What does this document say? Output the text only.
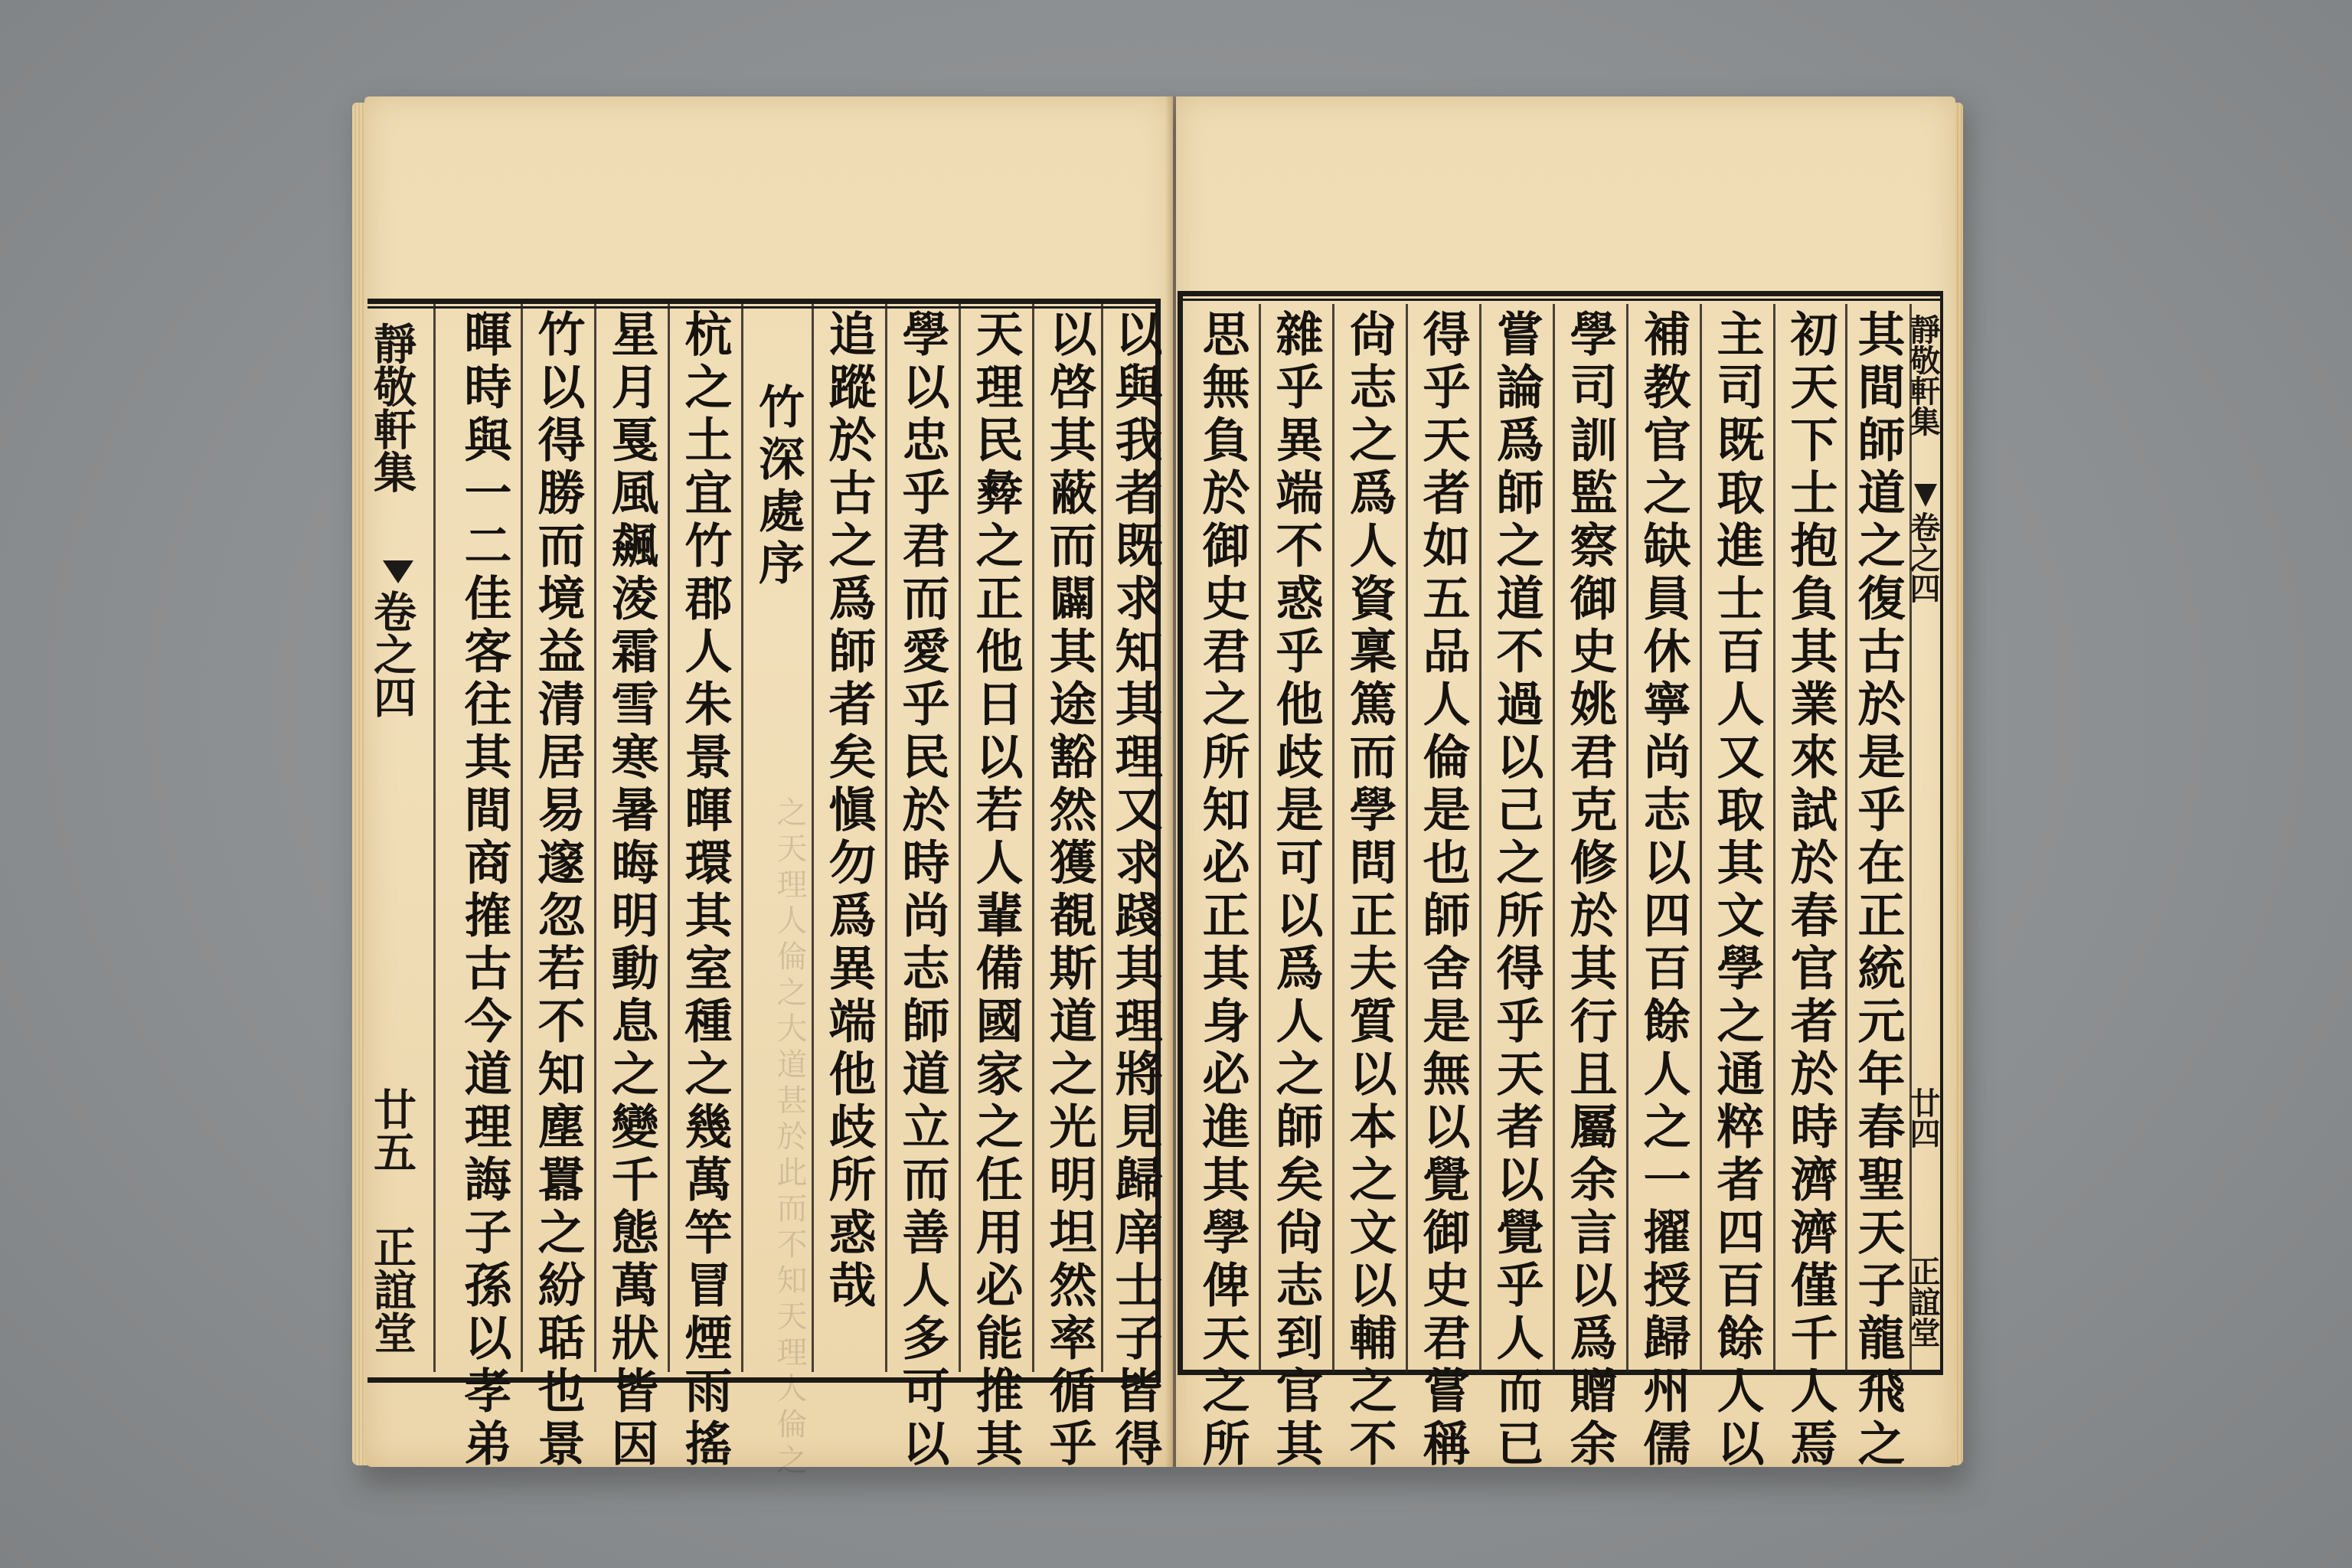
靜敬軒集
卷之四
廿五
正誼堂 暉時與一二佳客往其間商搉古今道理誨子孫以孝弟 竹以得勝而境益清居易邃忽若不知塵囂之紛聒也景 星月戛風飆淩霜雪寒暑晦明動息之變千態萬狀皆因 杭之土宜竹郡人朱景暉環其室種之幾萬竿冒煙雨搖 竹深處序 追蹤於古之爲師者矣愼勿爲異端他歧所惑哉 學以忠乎君而愛乎民於時尚志師道立而善人多可以 天理民彜之正他日以若人輩備國家之任用必能推其 以啓其蔽而闢其途豁然獲覩斯道之光明坦然率循乎 以與我者既求知其理又求踐其理將見歸庠士子皆得
之天理人倫之大道甚於此而不知天理人倫之	思無負於御史君之所知必正其身必進其學俾天之所 雜乎異端不惑乎他歧是可以爲人之師矣尙志到官其 尙志之爲人資稟篤而學問正夫質以本之文以輔之不 得乎天者如五品人倫是也師舍是無以覺御史君嘗稱 嘗論爲師之道不過以己之所得乎天者以覺乎人而已 學司訓監察御史姚君克修於其行且屬余言以爲贈余 補教官之缺員休寧尚志以四百餘人之一擢授歸州儒 主司既取進士百人又取其文學之通粹者四百餘人以 初天下士抱負其業來試於春官者於時濟濟僅千人焉 其間師道之復古於是乎在正統元年春聖天子龍飛之 靜敬軒集
卷之四
廿四
正誼堂
